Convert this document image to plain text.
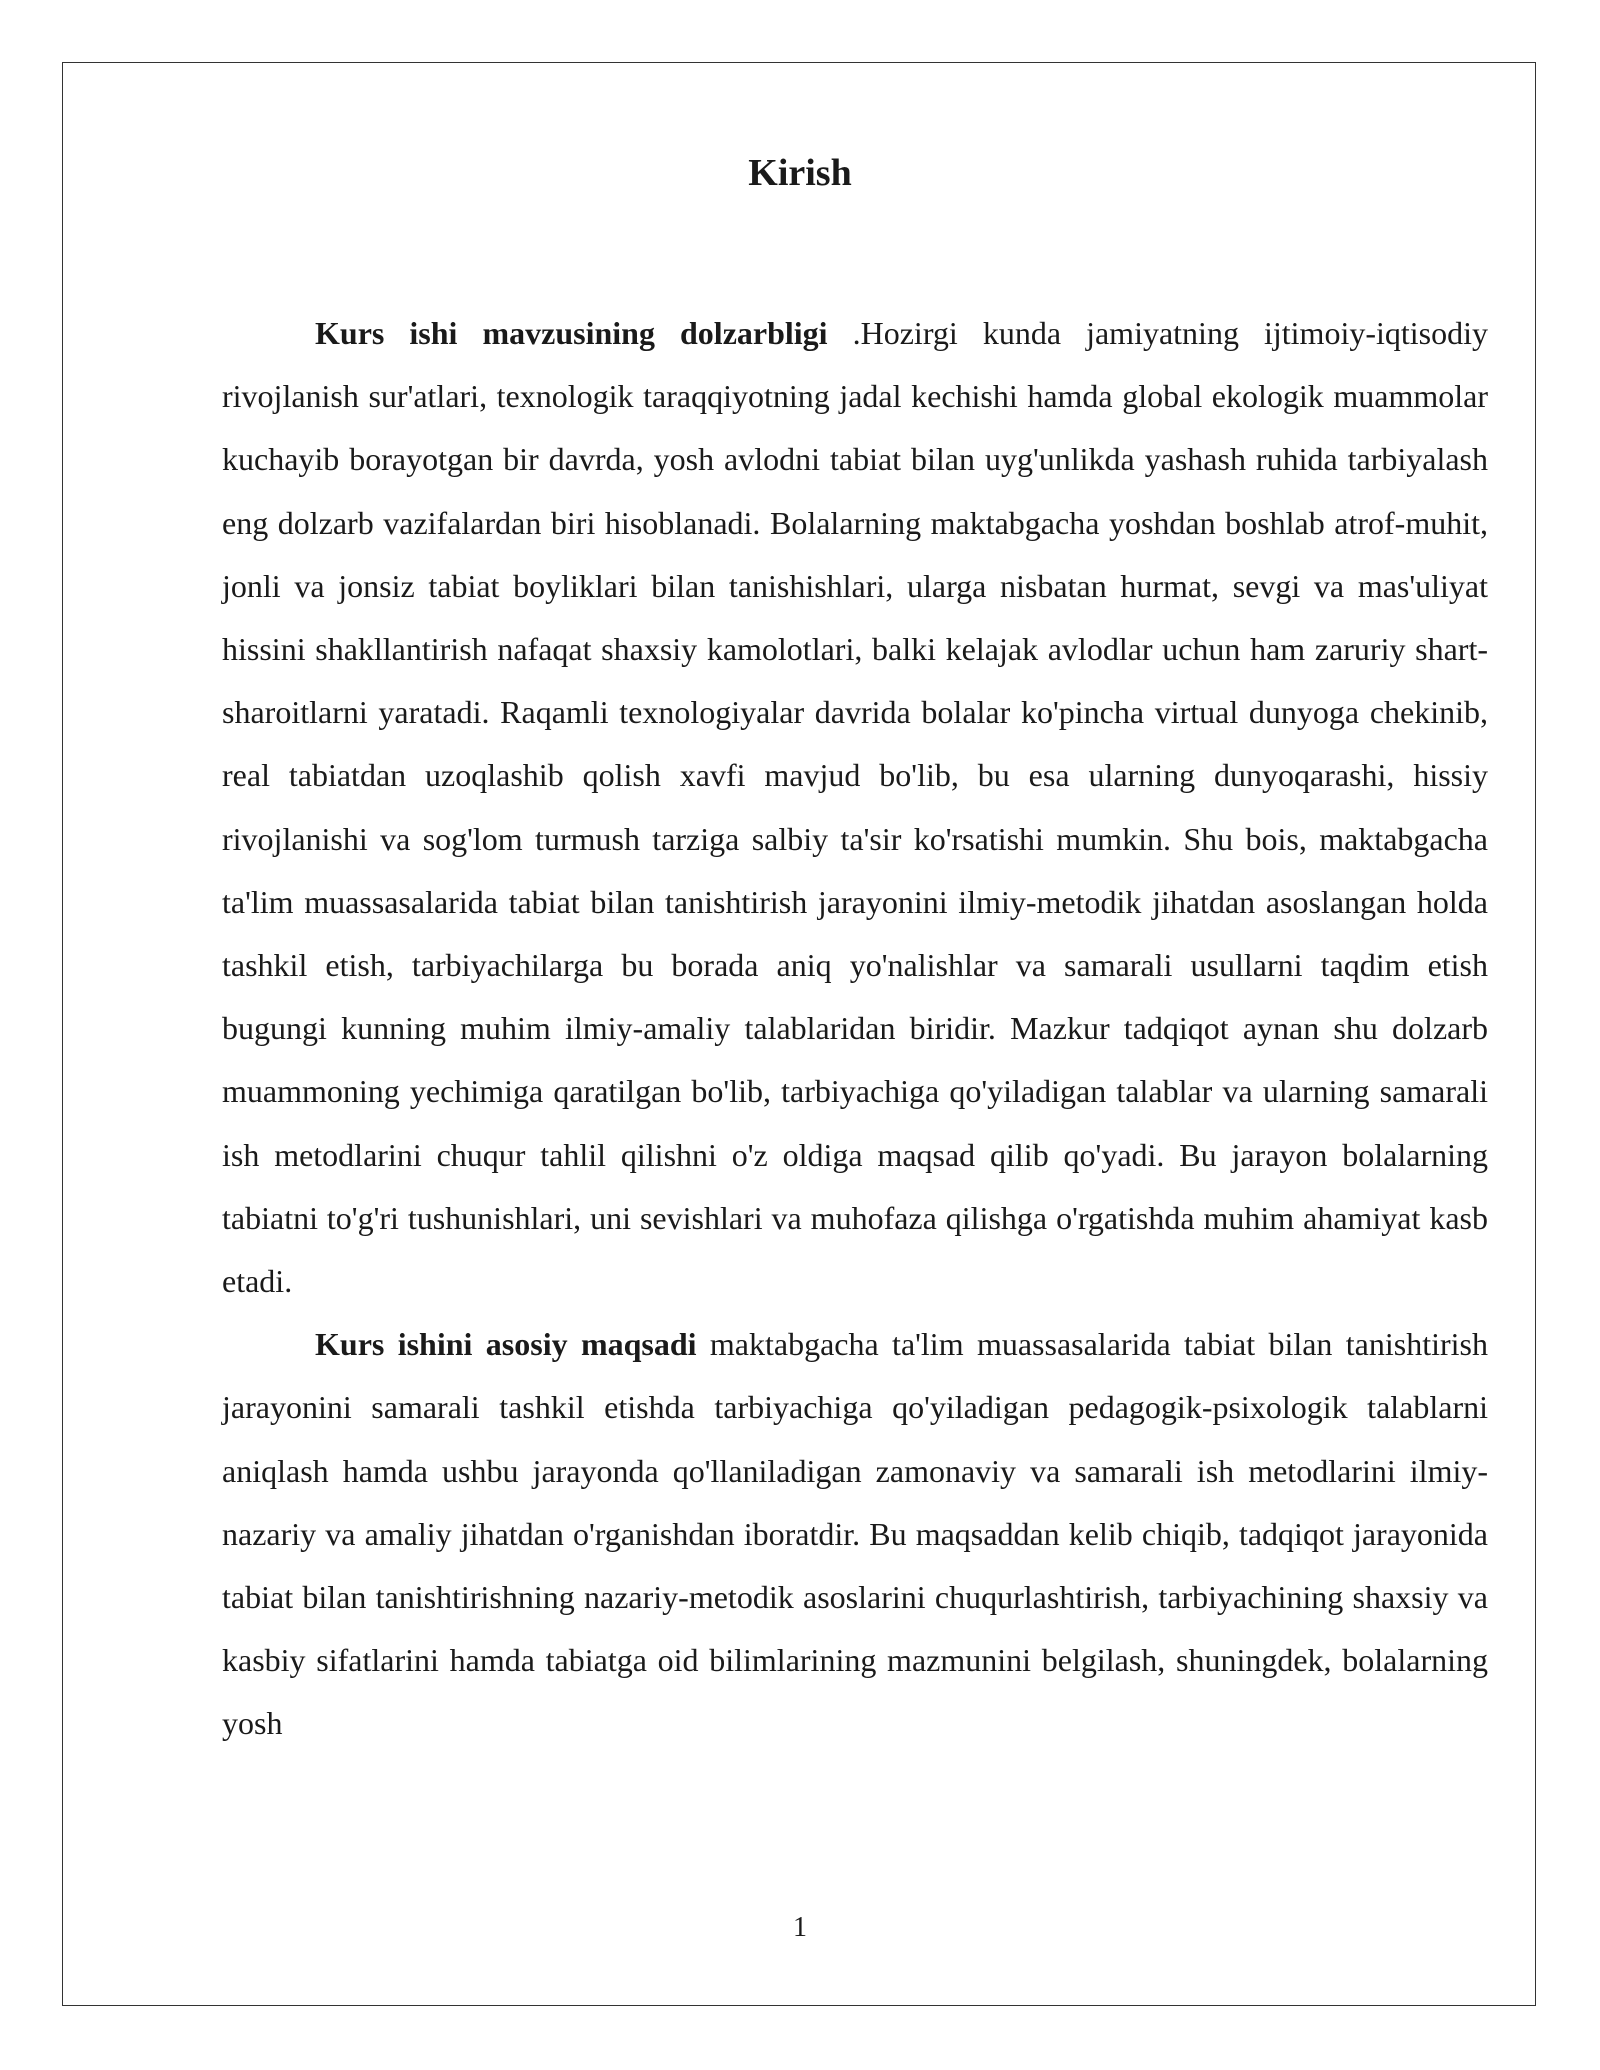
Kirish

Kurs ishi mavzusining dolzarbligi .Hozirgi kunda jamiyatning ijtimoiy-iqtisodiy rivojlanish sur'atlari, texnologik taraqqiyotning jadal kechishi hamda global ekologik muammolar kuchayib borayotgan bir davrda, yosh avlodni tabiat bilan uyg'unlikda yashash ruhida tarbiyalash eng dolzarb vazifalardan biri hisoblanadi. Bolalarning maktabgacha yoshdan boshlab atrof-muhit, jonli va jonsiz tabiat boyliklari bilan tanishishlari, ularga nisbatan hurmat, sevgi va mas'uliyat hissini shakllantirish nafaqat shaxsiy kamolotlari, balki kelajak avlodlar uchun ham zaruriy shart-sharoitlarni yaratadi. Raqamli texnologiyalar davrida bolalar ko'pincha virtual dunyoga chekinib, real tabiatdan uzoqlashib qolish xavfi mavjud bo'lib, bu esa ularning dunyoqarashi, hissiy rivojlanishi va sog'lom turmush tarziga salbiy ta'sir ko'rsatishi mumkin. Shu bois, maktabgacha ta'lim muassasalarida tabiat bilan tanishtirish jarayonini ilmiy-metodik jihatdan asoslangan holda tashkil etish, tarbiyachilarga bu borada aniq yo'nalishlar va samarali usullarni taqdim etish bugungi kunning muhim ilmiy-amaliy talablaridan biridir. Mazkur tadqiqot aynan shu dolzarb muammoning yechimiga qaratilgan bo'lib, tarbiyachiga qo'yiladigan talablar va ularning samarali ish metodlarini chuqur tahlil qilishni o'z oldiga maqsad qilib qo'yadi. Bu jarayon bolalarning tabiatni to'g'ri tushunishlari, uni sevishlari va muhofaza qilishga o'rgatishda muhim ahamiyat kasb etadi.

Kurs ishini asosiy maqsadi maktabgacha ta'lim muassasalarida tabiat bilan tanishtirish jarayonini samarali tashkil etishda tarbiyachiga qo'yiladigan pedagogik-psixologik talablarni aniqlash hamda ushbu jarayonda qo'llaniladigan zamonaviy va samarali ish metodlarini ilmiy-nazariy va amaliy jihatdan o'rganishdan iboratdir. Bu maqsaddan kelib chiqib, tadqiqot jarayonida tabiat bilan tanishtirishning nazariy-metodik asoslarini chuqurlashtirish, tarbiyachining shaxsiy va kasbiy sifatlarini hamda tabiatga oid bilimlarining mazmunini belgilash, shuningdek, bolalarning yosh

1
